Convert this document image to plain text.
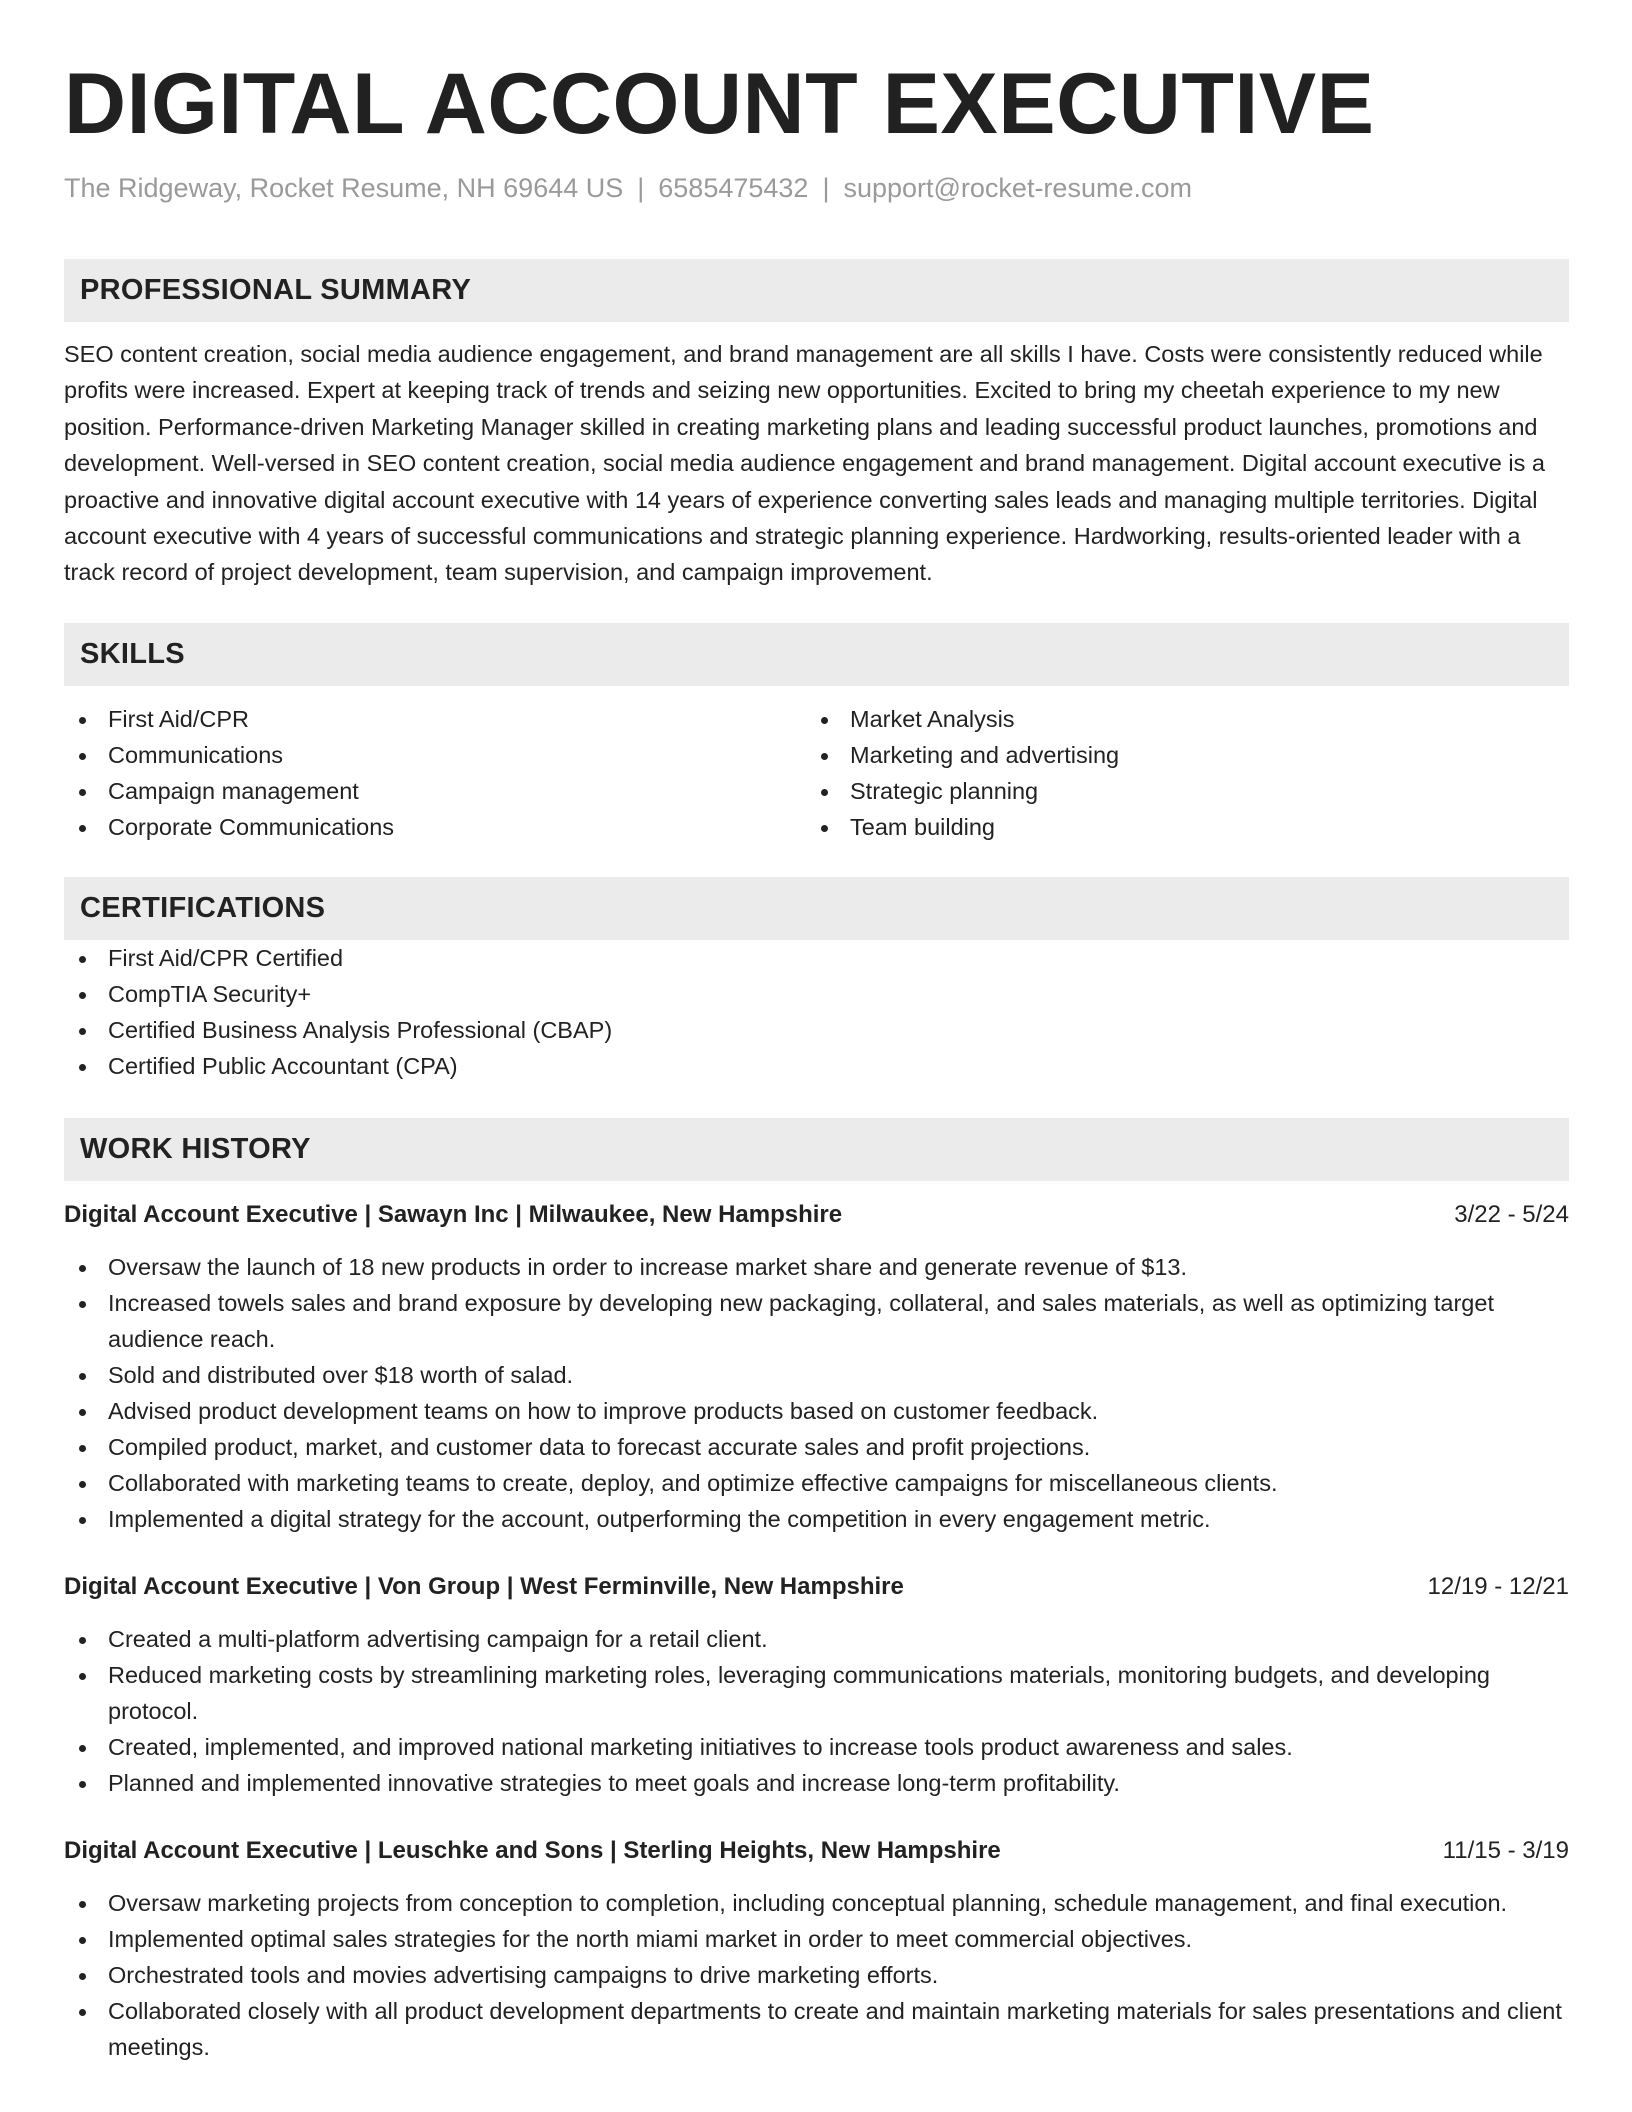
DIGITAL ACCOUNT EXECUTIVE
The Ridgeway, Rocket Resume, NH 69644 US | 6585475432 | support@rocket-resume.com
PROFESSIONAL SUMMARY
SEO content creation, social media audience engagement, and brand management are all skills I have. Costs were consistently reduced while profits were increased. Expert at keeping track of trends and seizing new opportunities. Excited to bring my cheetah experience to my new position. Performance-driven Marketing Manager skilled in creating marketing plans and leading successful product launches, promotions and development. Well-versed in SEO content creation, social media audience engagement and brand management. Digital account executive is a proactive and innovative digital account executive with 14 years of experience converting sales leads and managing multiple territories. Digital account executive with 4 years of successful communications and strategic planning experience. Hardworking, results-oriented leader with a track record of project development, team supervision, and campaign improvement.
SKILLS
First Aid/CPR
Communications
Campaign management
Corporate Communications
Market Analysis
Marketing and advertising
Strategic planning
Team building
CERTIFICATIONS
First Aid/CPR Certified
CompTIA Security+
Certified Business Analysis Professional (CBAP)
Certified Public Accountant (CPA)
WORK HISTORY
Digital Account Executive | Sawayn Inc | Milwaukee, New Hampshire	3/22 - 5/24
Oversaw the launch of 18 new products in order to increase market share and generate revenue of $13.
Increased towels sales and brand exposure by developing new packaging, collateral, and sales materials, as well as optimizing target audience reach.
Sold and distributed over $18 worth of salad.
Advised product development teams on how to improve products based on customer feedback.
Compiled product, market, and customer data to forecast accurate sales and profit projections.
Collaborated with marketing teams to create, deploy, and optimize effective campaigns for miscellaneous clients.
Implemented a digital strategy for the account, outperforming the competition in every engagement metric.
Digital Account Executive | Von Group | West Ferminville, New Hampshire	12/19 - 12/21
Created a multi-platform advertising campaign for a retail client.
Reduced marketing costs by streamlining marketing roles, leveraging communications materials, monitoring budgets, and developing protocol.
Created, implemented, and improved national marketing initiatives to increase tools product awareness and sales.
Planned and implemented innovative strategies to meet goals and increase long-term profitability.
Digital Account Executive | Leuschke and Sons | Sterling Heights, New Hampshire	11/15 - 3/19
Oversaw marketing projects from conception to completion, including conceptual planning, schedule management, and final execution.
Implemented optimal sales strategies for the north miami market in order to meet commercial objectives.
Orchestrated tools and movies advertising campaigns to drive marketing efforts.
Collaborated closely with all product development departments to create and maintain marketing materials for sales presentations and client meetings.
